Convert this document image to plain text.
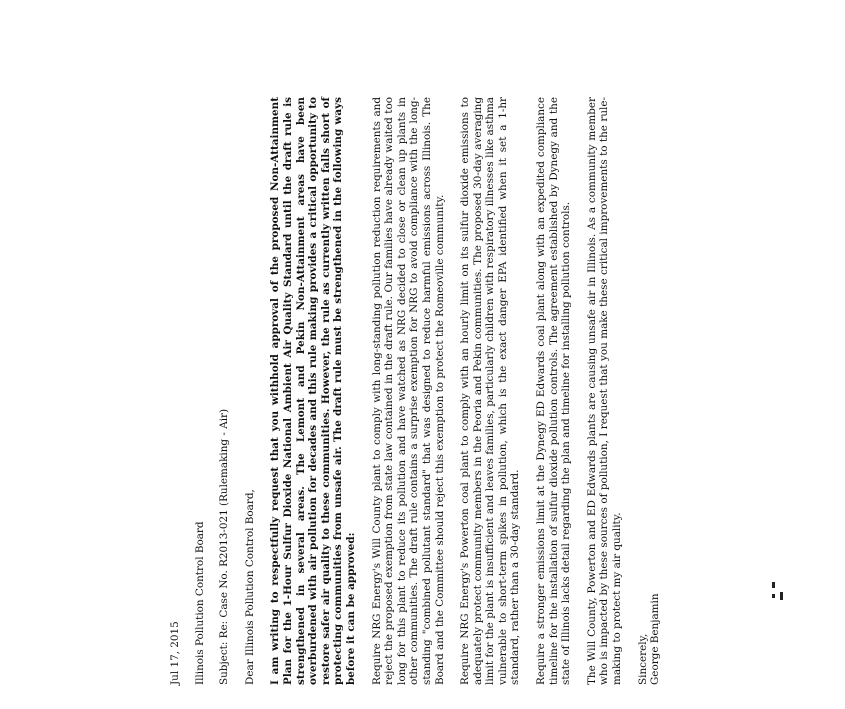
Jul 17, 2015 Illinois Pollution Control Board Subject: Re: Case No. R2013-021 (Rulemaking - Air) Dear Illinois Pollution Control Board, I am writing to respectfully request that you withhold approval of the proposed Non-Attainment Plan for the 1-Hour Sulfur Dioxide National Ambient Air Quality Standard until the draft rule is strengthened in several areas. The Lemont and Pekin Non-Attainment areas have been overburdened with air pollution for decades and this rule making provides a critical opportunity to restore safer air quality to these communities. However, the rule as currently written falls short of protecting communities from unsafe air. The draft rule must be strengthened in the following ways before it can be approved: Require NRG Energy's Will County plant to comply with long-standing pollution reduction requirements and reject the proposed exemption from state law contained in the draft rule. Our families have already waited too long for this plant to reduce its pollution and have watched as NRG decided to close or clean up plants in other communities. The draft rule contains a surprise exemption for NRG to avoid compliance with the long-standing "combined pollutant standard" that was designed to reduce harmful emissions across Illinois. The Board and the Committee should reject this exemption to protect the Romeoville community. Require NRG Energy's Powerton coal plant to comply with an hourly limit on its sulfur dioxide emissions to adequately protect community members in the Peoria and Pekin communities. The proposed 30-day averaging limit for the plant is insufficient and leaves families, particularly children with respiratory illnesses like asthma vulnerable to short-term spikes in pollution, which is the exact danger EPA identified when it set a 1-hr standard, rather than a 30-day standard. Require a stronger emissions limit at the Dynegy ED Edwards coal plant along with an expedited compliance timeline for the installation of sulfur dioxide pollution controls. The agreement established by Dynegy and the state of Illinois lacks detail regarding the plan and timeline for installing pollution controls. The Will County, Powerton and ED Edwards plants are causing unsafe air in Illinois. As a community member who is impacted by these sources of pollution, I request that you make these critical improvements to the rule-making to protect my air quality. Sincerely, George Benjamin
